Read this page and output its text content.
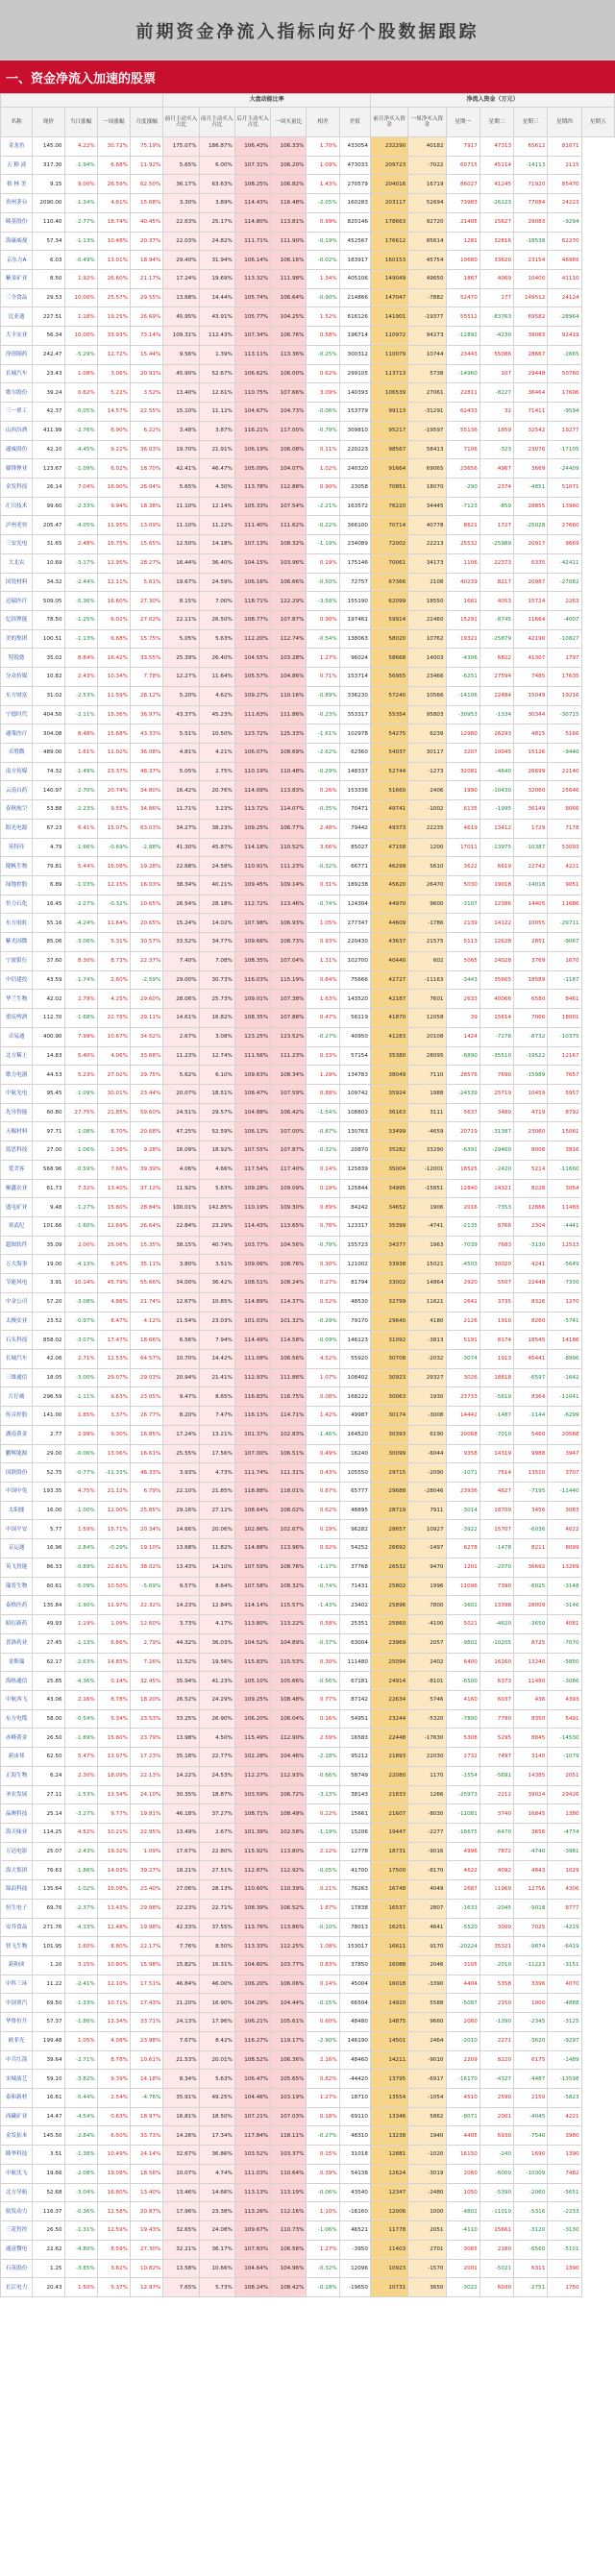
前期资金净流入指标向好个股数据跟踪
一、资金净流入加速的股票
					大盘动能比率						净流入资金（万元）						
名称	现价	当日涨幅	一周涨幅	月度涨幅	前月主动买入占比	前月主动买入占比	后月主动买入占比	一周买量比	相差	差值	前月净买入资金	一周净买入资金	星期一	星期二	星期三	星期四	星期五
金龙鱼	145.00	4.22%	30.72%	75.19%	175.07%	186.87%	106.43%	106.33%	1.70%	433054	232290	40182	7917	47313	65612	81071	
五 粮 液	317.30	-1.94%	6.68%	11.92%	5.65%	6.00%	107.31%	106.20%	1.09%	473033	209723	-7022	60715	45114	-14113	2115	
格 林 美	9.15	9.00%	26.59%	62.50%	36.17%	63.63%	108.25%	106.82%	1.43%	270579	204016	16719	86027	41245	71920	85470	
贵州茅台	2090.00	-1.34%	4.61%	15.68%	3.30%	3.89%	114.43%	116.48%	-2.05%	160283	203117	52694	73983	-26223	77084	24223	
隆基股份	110.40	-2.77%	18.74%	40.45%	22.63%	25.17%	114.80%	113.81%	0.99%	820146	178663	92720	21405	15627	29083	-9294	
海康威视	57.34	-1.13%	10.48%	20.37%	22.03%	24.82%	111.71%	111.90%	-0.19%	452567	176612	85614	1281	32816	-18538	62270	
京东方A	6.03	-0.49%	13.01%	18.94%	29.40%	31.94%	106.14%	106.16%	-0.02%	183917	160153	45754	10660	33620	23154	46965	
紫金矿业	8.50	1.92%	26.60%	21.17%	17.24%	19.69%	113.32%	111.98%	1.34%	405106	149049	49650	1867	4069	10400	41110	
三全食品	29.53	10.00%	25.57%	29.55%	13.68%	14.44%	105.74%	106.64%	-0.90%	214866	147047	-7882	52470	177	149512	24124	
比亚迪	227.51	1.18%	19.25%	26.69%	45.95%	43.91%	105.77%	104.25%	1.52%	616126	141901	-19377	55512	-83763	69582	-28964	
大丰实业	56.34	10.00%	33.93%	73.14%	109.31%	112.43%	107.34%	106.76%	0.58%	196714	110972	94273	-12892	-4230	39063	92419	
泽璟制药	242.47	-5.29%	12.72%	15.44%	9.56%	1.39%	113.11%	113.36%	-0.25%	300312	110079	10744	23443	55086	28667	-2665	
长城汽车	23.43	1.08%	3.06%	20.91%	45.90%	52.67%	106.62%	106.00%	0.62%	299105	113713	5738	-14960	107	29448	50760	
歌尔股份	39.24	0.62%	5.22%	3.52%	13.40%	12.61%	110.75%	107.66%	3.09%	140393	106539	27061	22811	-8227	36464	17606	
三一重工	42.37	-0.05%	14.57%	22.55%	15.10%	11.12%	104.67%	104.73%	-0.06%	153779	99113	-31291	62433	32	71411	-9594	
山西汾酒	411.99	-2.76%	6.90%	6.22%	3.48%	3.87%	116.21%	117.00%	-0.79%	309810	95217	-19597	55136	1859	32542	19277	
通威股份	42.10	-4.45%	9.22%	36.03%	19.70%	21.91%	106.19%	106.08%	0.11%	220223	98567	58413	7106	-323	23076	-17105	
赣锋锂业	123.67	-1.09%	6.02%	18.70%	42.41%	46.47%	105.09%	104.07%	1.02%	240320	91664	69065	23656	4967	3669	-24409	
金发科技	26.14	7.04%	16.90%	26.04%	5.65%	4.30%	113.78%	112.88%	0.90%	23058	70851	18070	-290	2374	-4851	51071	
汇川技术	99.60	-2.33%	9.94%	18.38%	11.10%	12.14%	105.33%	107.54%	-2.21%	163572	76220	34445	-7123	-859	28855	13960	
泸州老窖	205.47	-4.05%	11.95%	13.09%	11.10%	11.22%	111.40%	111.62%	-0.22%	366100	70714	40778	8621	1727	-25028	27660	
三安光电	31.65	2.48%	16.75%	15.65%	12.50%	14.18%	107.13%	108.32%	-1.19%	234089	72002	22213	25532	-25989	20917	9669	
大北农	10.69	-3.17%	12.95%	28.27%	16.44%	36.40%	104.15%	103.96%	0.19%	175146	70061	34173	1106	22373	6335	-42411	
国瓷材料	34.32	-2.44%	12.11%	5.61%	19.67%	24.59%	106.16%	106.66%	-0.50%	72757	67366	2108	40239	8217	20987	-27082	
迈瑞医疗	509.05	-5.36%	16.60%	27.30%	8.15%	7.00%	118.71%	122.29%	-3.58%	155190	62099	18550	1661	4053	15724	2263	
亿纬锂能	78.50	-1.25%	6.02%	27.02%	22.11%	26.50%	108.77%	107.87%	0.90%	197461	59914	22460	15291	-8745	11664	-4007	
美的集团	100.51	-1.13%	6.68%	15.75%	5.05%	5.63%	112.20%	112.74%	-0.54%	138063	58020	10762	19321	-25879	42190	-10827	
特锐德	35.02	8.84%	16.42%	33.55%	25.39%	26.40%	104.55%	103.28%	1.27%	96024	58668	14003	-4306	6822	41307	1797	
分众传媒	10.82	2.43%	10.34%	7.78%	12.27%	11.64%	105.57%	104.86%	0.71%	153714	56955	23466	-6251	27594	7485	17635	
东方财富	31.02	-2.53%	11.59%	28.12%	5.20%	4.62%	109.27%	110.16%	-0.89%	336230	57240	10566	-14106	22484	15049	19216	
宁德时代	404.50	-2.11%	15.36%	36.97%	43.37%	45.23%	111.63%	111.86%	-0.23%	353317	55354	95803	-30953	-1334	30344	-30715	
通策医疗	304.08	8.48%	15.68%	43.33%	5.51%	10.50%	123.72%	125.33%	-1.61%	102978	54275	6239	12980	26293	4815	5166	
卓胜微	489.00	1.61%	11.02%	36.08%	4.81%	4.21%	106.07%	108.69%	-2.62%	62360	54037	30117	3207	10045	15126	-9440	
南方传媒	74.32	-1.49%	23.37%	48.37%	5.05%	2.75%	110.19%	110.48%	-0.29%	148337	52744	-1273	32081	-4640	26699	22140	
云南白药	140.97	-2.70%	20.74%	34.80%	16.42%	20.76%	114.09%	113.83%	0.26%	153336	51660	2406	1990	-10430	32060	25646	
春秋航空	53.88	-2.23%	9.55%	34.86%	11.71%	3.23%	113.72%	114.07%	-0.35%	70471	49741	-1002	6135	-1995	36149	8066	
阳光电源	67.23	6.41%	15.07%	63.03%	34.27%	38.23%	109.25%	106.77%	2.48%	79442	49373	22235	4619	13412	1729	7178	
英特佳	4.79	-1.66%	-0.69%	-2.88%	41.30%	45.87%	114.18%	110.52%	3.66%	85027	47158	1200	17011	-13975	-10387	53093	
健帆生物	79.81	5.44%	16.08%	19.28%	22.68%	24.58%	110.91%	111.23%	-0.32%	66771	46299	5610	3622	6619	22742	4221	
绿地控股	6.89	-1.03%	12.15%	16.03%	38.34%	40.21%	109.45%	109.14%	0.31%	189238	45620	26470	5030	19018	-14018	9051	
恒力石化	16.45	-2.27%	-0.32%	10.65%	26.54%	28.18%	112.72%	113.46%	-0.74%	124304	44970	9600	-3107	12386	14405	11686	
东方雨虹	55.16	-4.24%	11.64%	20.65%	15.24%	14.02%	107.98%	106.93%	1.05%	277347	44609	-1786	2139	14122	10055	-29711	
紫光国微	85.06	-3.06%	5.31%	30.57%	33.52%	34.77%	109.66%	108.73%	0.93%	220430	43637	21575	5113	12628	2851	-9067	
宁波银行	37.60	8.30%	8.73%	22.37%	7.40%	7.08%	108.35%	107.04%	1.31%	102700	40440	602	5065	24028	3769	1670	
中信建投	43.59	-1.74%	2.60%	-2.59%	29.00%	30.73%	116.03%	115.19%	0.84%	75666	42727	-11163	-3443	35665	18589	-1187	
华兰生物	42.02	2.79%	4.25%	29.60%	28.06%	25.73%	109.01%	107.38%	1.63%	143520	42187	7601	2633	40066	6580	8461	
重庆啤酒	112.70	-1.68%	22.78%	29.11%	14.61%	16.82%	108.35%	107.88%	0.47%	56119	41870	12058	39	15614	7066	18001	
卓易通	400.90	7.99%	10.67%	34.52%	2.67%	3.08%	123.25%	123.52%	-0.27%	40950	41283	20108	1424	-7278	-8732	-10375	
北方稀土	14.83	5.40%	4.06%	33.68%	11.23%	12.74%	111.56%	111.23%	0.33%	57154	35380	28095	-6890	-35510	-19522	12167	
歌力电器	44.53	5.23%	27.02%	29.75%	5.62%	6.10%	109.63%	108.34%	1.29%	134783	38049	7110	28576	7690	-15989	7657	
中航光电	95.45	-1.09%	30.01%	23.44%	20.07%	18.51%	108.47%	107.59%	0.88%	109742	35924	1988	-24539	25719	10459	5957	
先导智能	60.80	27.75%	21.85%	59.60%	24.51%	29.57%	104.88%	106.42%	-1.54%	108803	36163	3111	5637	3480	4719	8792	
天赐材料	97.71	-1.08%	8.70%	20.68%	47.25%	52.59%	106.13%	107.00%	-0.87%	130763	33499	-4659	20719	-31387	23060	15061	
蓝思科技	27.00	-1.06%	2.38%	9.28%	16.09%	18.92%	107.55%	107.87%	-0.32%	20870	35282	33290	-6391	-29460	8008	3816	
爱美客	568.96	-0.59%	7.66%	39.39%	4.06%	4.66%	117.54%	117.40%	0.14%	125839	35004	-12001	18525	-2420	5214	-11660	
顺鑫农业	61.73	7.32%	13.40%	37.12%	11.92%	5.63%	109.28%	109.09%	0.19%	125844	34995	-15851	12840	24321	8228	3054	
盛屯矿业	9.48	-1.27%	15.60%	28.84%	100.01%	142.85%	110.19%	109.30%	0.89%	84242	34652	1906	2016	-7353	12866	11483	
寒武纪	101.66	-1.60%	12.69%	26.64%	22.84%	23.29%	114.43%	113.65%	0.78%	123317	35399	-4741	-2135	8766	2304	-4441	
超图软件	35.09	2.00%	25.06%	15.35%	38.15%	40.74%	103.77%	104.56%	-0.79%	155723	34377	1963	-7039	7683	-3130	12513	
万大海事	19.00	-4.13%	8.26%	35.11%	3.80%	3.51%	109.06%	108.76%	0.30%	121002	33938	15021	-4503	30020	4241	-5649	
节能风电	3.91	10.14%	45.79%	55.66%	34.00%	36.42%	108.51%	108.24%	0.27%	81794	33002	14864	2920	5507	22448	-7330	
中金公司	57.20	-3.08%	4.86%	21.74%	12.67%	10.85%	114.89%	114.37%	0.52%	48530	32799	11621	2641	3735	8326	1270	
太极实业	23.52	-0.97%	8.47%	4.12%	21.54%	23.03%	101.03%	101.32%	-0.29%	79170	29640	4180	2126	1910	8260	-5741	
石头科技	858.02	-3.07%	17.47%	18.66%	6.56%	7.94%	114.49%	114.58%	-0.09%	146123	31092	-3813	5191	8174	18545	14186	
长城汽车	42.06	2.71%	12.53%	64.57%	10.70%	14.42%	111.08%	106.56%	4.52%	55920	30708	-2032	-3074	1913	45441	-8996	
三维通信	18.05	-3.00%	29.07%	29.03%	20.94%	21.41%	112.93%	111.86%	1.07%	108402	30923	29327	3026	18818	-6597	-1642	
片仔癀	296.59	-1.11%	9.63%	23.05%	9.47%	8.65%	116.83%	116.75%	0.08%	168222	30063	1930	23733	-5619	8364	-11041	
传音控股	141.00	1.85%	3.37%	26.77%	8.20%	7.47%	116.13%	114.71%	1.42%	49987	30174	-3008	14442	-1487	-1144	-6299	
湖南黄金	2.77	2.99%	9.30%	16.85%	17.24%	13.21%	101.37%	102.83%	-1.46%	164520	30393	6190	20068	-7010	5460	20568	
鹏辉能源	29.00	-0.06%	13.06%	16.61%	25.55%	17.56%	107.00%	106.51%	0.49%	16240	30099	-6044	9358	14319	9988	3947	
国联股份	52.75	-0.77%	-11.33%	46.33%	3.93%	4.73%	111.74%	111.31%	0.43%	105550	29715	-2090	-1071	7514	13510	3707	
中国中免	193.35	4.75%	21.12%	6.79%	22.10%	21.85%	118.88%	118.01%	0.87%	65777	29688	-28046	23936	4627	-7195	-11440	
太阳能	16.00	-1.00%	12.00%	25.85%	29.16%	27.12%	108.64%	108.02%	0.62%	48895	28719	7911	-3014	18709	3456	3083	
中国平安	5.77	1.59%	15.71%	20.34%	14.66%	20.06%	102.86%	102.67%	0.19%	96282	28657	10927	-3922	15707	-6036	4022	
京运通	16.96	-2.84%	-0.29%	19.10%	13.68%	11.82%	114.88%	113.96%	0.92%	54252	26692	-1497	6278	-1478	8211	8099	
英飞智能	86.33	-0.89%	22.61%	38.02%	13.43%	14.10%	107.59%	108.76%	-1.17%	37768	26532	9470	1201	-2070	36692	13269	
瑞普生物	60.61	-5.09%	10.50%	-5.69%	9.57%	8.64%	107.58%	108.32%	-0.74%	71431	25802	1996	11096	7390	-6025	-3148	
泰格医药	135.84	-1.90%	11.97%	22.32%	14.23%	12.84%	114.14%	115.57%	-1.43%	23402	25896	7800	-3602	13398	28009	-3146	
昭衍新药	49.93	1.19%	1.09%	12.60%	3.73%	4.17%	113.80%	113.22%	0.58%	25351	25860	-4100	5021	-4620	-3650	4081	
普洛药业	27.45	-1.13%	6.66%	2.79%	44.32%	36.03%	104.52%	104.89%	-0.37%	63004	23969	2057	-9801	-10205	8725	-7070	
金斯瑞	62.17	-2.63%	14.85%	7.26%	11.52%	19.56%	115.83%	115.53%	0.30%	111480	25094	2402	6400	16160	13240	-5850	
海格通信	25.85	-4.36%	0.14%	32.45%	35.94%	41.23%	105.10%	105.66%	-0.56%	67181	24914	-8101	-6500	6373	11480	-3086	
中航西飞	43.06	2.16%	8.78%	18.20%	26.52%	24.29%	109.25%	108.48%	0.77%	87142	22634	5746	4160	6037	436	4393	
东方电缆	58.00	-0.54%	5.34%	23.53%	33.25%	26.90%	106.20%	106.04%	0.16%	54951	23244	-5320	-7800	7790	8350	5491	
赤峰黄金	26.50	-1.89%	15.60%	23.79%	13.98%	4.50%	115.49%	112.90%	2.59%	16583	22448	-17630	5308	5295	8845	-14530	
新宙邦	62.50	5.47%	13.97%	17.23%	35.18%	22.77%	102.28%	104.46%	-2.18%	95212	21893	22030	2732	7497	3140	-1079	
正海生物	6.24	2.30%	18.09%	22.13%	14.22%	24.53%	112.27%	112.93%	-0.66%	58749	22080	1170	-1554	-5691	14385	2051	
圣农发展	27.11	-1.53%	13.34%	24.10%	30.35%	18.87%	103.59%	106.72%	-3.13%	38143	21833	1266	-25973	2212	39024	29426	
晶澳科技	25.14	-3.27%	9.77%	19.81%	46.18%	37.27%	108.71%	108.49%	0.22%	15661	21607	-8030	-11081	3740	16845	1380	
海天味业	114.25	4.52%	10.21%	22.95%	13.49%	2.67%	101.39%	102.58%	-1.19%	15206	19447	-2277	-16675	-6470	3656	-4774	
万达电影	25.07	-2.43%	19.32%	1.09%	17.67%	22.80%	115.92%	113.80%	2.12%	12778	18731	-9016	4996	7872	-4740	-3981	
海大集团	76.63	-1.86%	14.03%	39.27%	18.21%	27.51%	112.87%	112.92%	-0.05%	41700	17500	-8170	4622	4092	4843	1029	
锦浪科技	135.64	-1.02%	16.08%	23.40%	27.06%	28.13%	110.60%	110.39%	0.21%	76263	16748	4049	2687	11969	12756	4306	
恒生电子	69.76	-2.37%	13.43%	29.98%	22.23%	22.71%	108.39%	106.52%	1.87%	17838	16537	2807	-1633	-2045	-9018	8777	
安井食品	271.76	-4.33%	12.48%	19.98%	42.33%	37.55%	113.76%	113.86%	-0.10%	78013	16251	4641	-5520	3000	7025	-4219	
智飞生物	101.95	1.60%	8.80%	22.17%	7.76%	8.50%	113.33%	112.25%	1.08%	153017	16611	9170	-20224	35321	-9874	-6419	
新和成	1.20	3.15%	10.80%	15.98%	15.82%	16.31%	104.60%	103.77%	0.83%	37850	16088	2046	3105	-2010	-11223	-3151	
中科三环	11.22	-2.41%	12.10%	17.51%	46.84%	46.00%	106.20%	106.06%	0.14%	45004	16018	-3390	4404	5358	3396	4070	
中国重汽	69.50	-1.33%	10.71%	17.43%	21.20%	16.90%	104.29%	104.44%	-0.15%	66504	14920	5588	-5087	2150	1000	-4888	
华鲁恒升	57.37	-1.86%	13.34%	33.71%	24.13%	17.96%	106.21%	105.61%	0.60%	48480	14875	9660	2060	-1390	-2345	-3125	
欧菲光	199.48	1.05%	4.08%	23.98%	7.67%	8.42%	116.27%	119.17%	-2.90%	146190	14501	2464	-2010	2271	-3620	-9297	
中兵红箭	39.64	-2.71%	8.78%	10.61%	21.53%	20.01%	108.52%	106.36%	2.16%	48460	14211	-9010	2209	8220	6175	-1489	
宋城演艺	59.10	-3.82%	9.39%	14.18%	8.34%	5.63%	106.47%	105.65%	0.82%	-44420	13795	-6917	-16170	-4327	-4487	-13598	
泰和新材	16.61	-5.44%	2.54%	-4.76%	35.91%	49.25%	104.46%	103.19%	1.27%	18710	13554	-1054	4510	2590	2150	-5823	
西藏矿业	14.47	-4.54%	0.63%	18.97%	16.81%	18.50%	107.21%	107.03%	0.18%	69110	13346	5862	-8071	2001	-4045	4221	
金发拓本	145.50	-2.84%	6.50%	33.73%	14.26%	17.34%	117.84%	118.11%	-0.27%	48310	13238	1940	4405	6930	-7540	3980	
隆华科技	3.51	-1.38%	10.49%	24.14%	32.67%	36.86%	103.52%	103.37%	0.15%	31018	12881	-1020	16150	-240	1690	1390	
中航沈飞	19.66	-2.08%	19.08%	18.56%	10.07%	4.74%	111.03%	110.64%	0.39%	54138	12624	-3019	2060	-6000	-10309	7482	
北方导航	52.68	-3.04%	16.80%	13.40%	13.46%	14.66%	113.13%	113.19%	-0.06%	43540	12347	-2480	1050	-5390	-2060	-5651	
航发动力	116.37	-0.36%	12.58%	20.87%	17.96%	23.38%	113.26%	112.16%	1.10%	-16160	12006	1000	-4801	-11010	-5316	-2233	
三花智控	26.50	-1.31%	12.59%	19.43%	32.65%	24.08%	109.67%	110.73%	-1.06%	46521	11778	2051	-4110	15661	-3120	-3130	
通富微电	22.62	-4.80%	8.59%	27.30%	32.21%	36.17%	107.83%	106.56%	1.27%	-3950	11403	2701	3065	2180	-6560	-5101	
石英股份	1.25	-3.85%	3.62%	10.82%	13.58%	10.66%	104.64%	104.96%	-0.32%	12096	10923	-1570	2001	-5021	6311	1390	
长江电力	20.43	1.50%	5.37%	12.97%	7.65%	5.73%	108.24%	108.42%	-0.18%	-19650	10731	3650	-3022	6030	-2751	1750	
